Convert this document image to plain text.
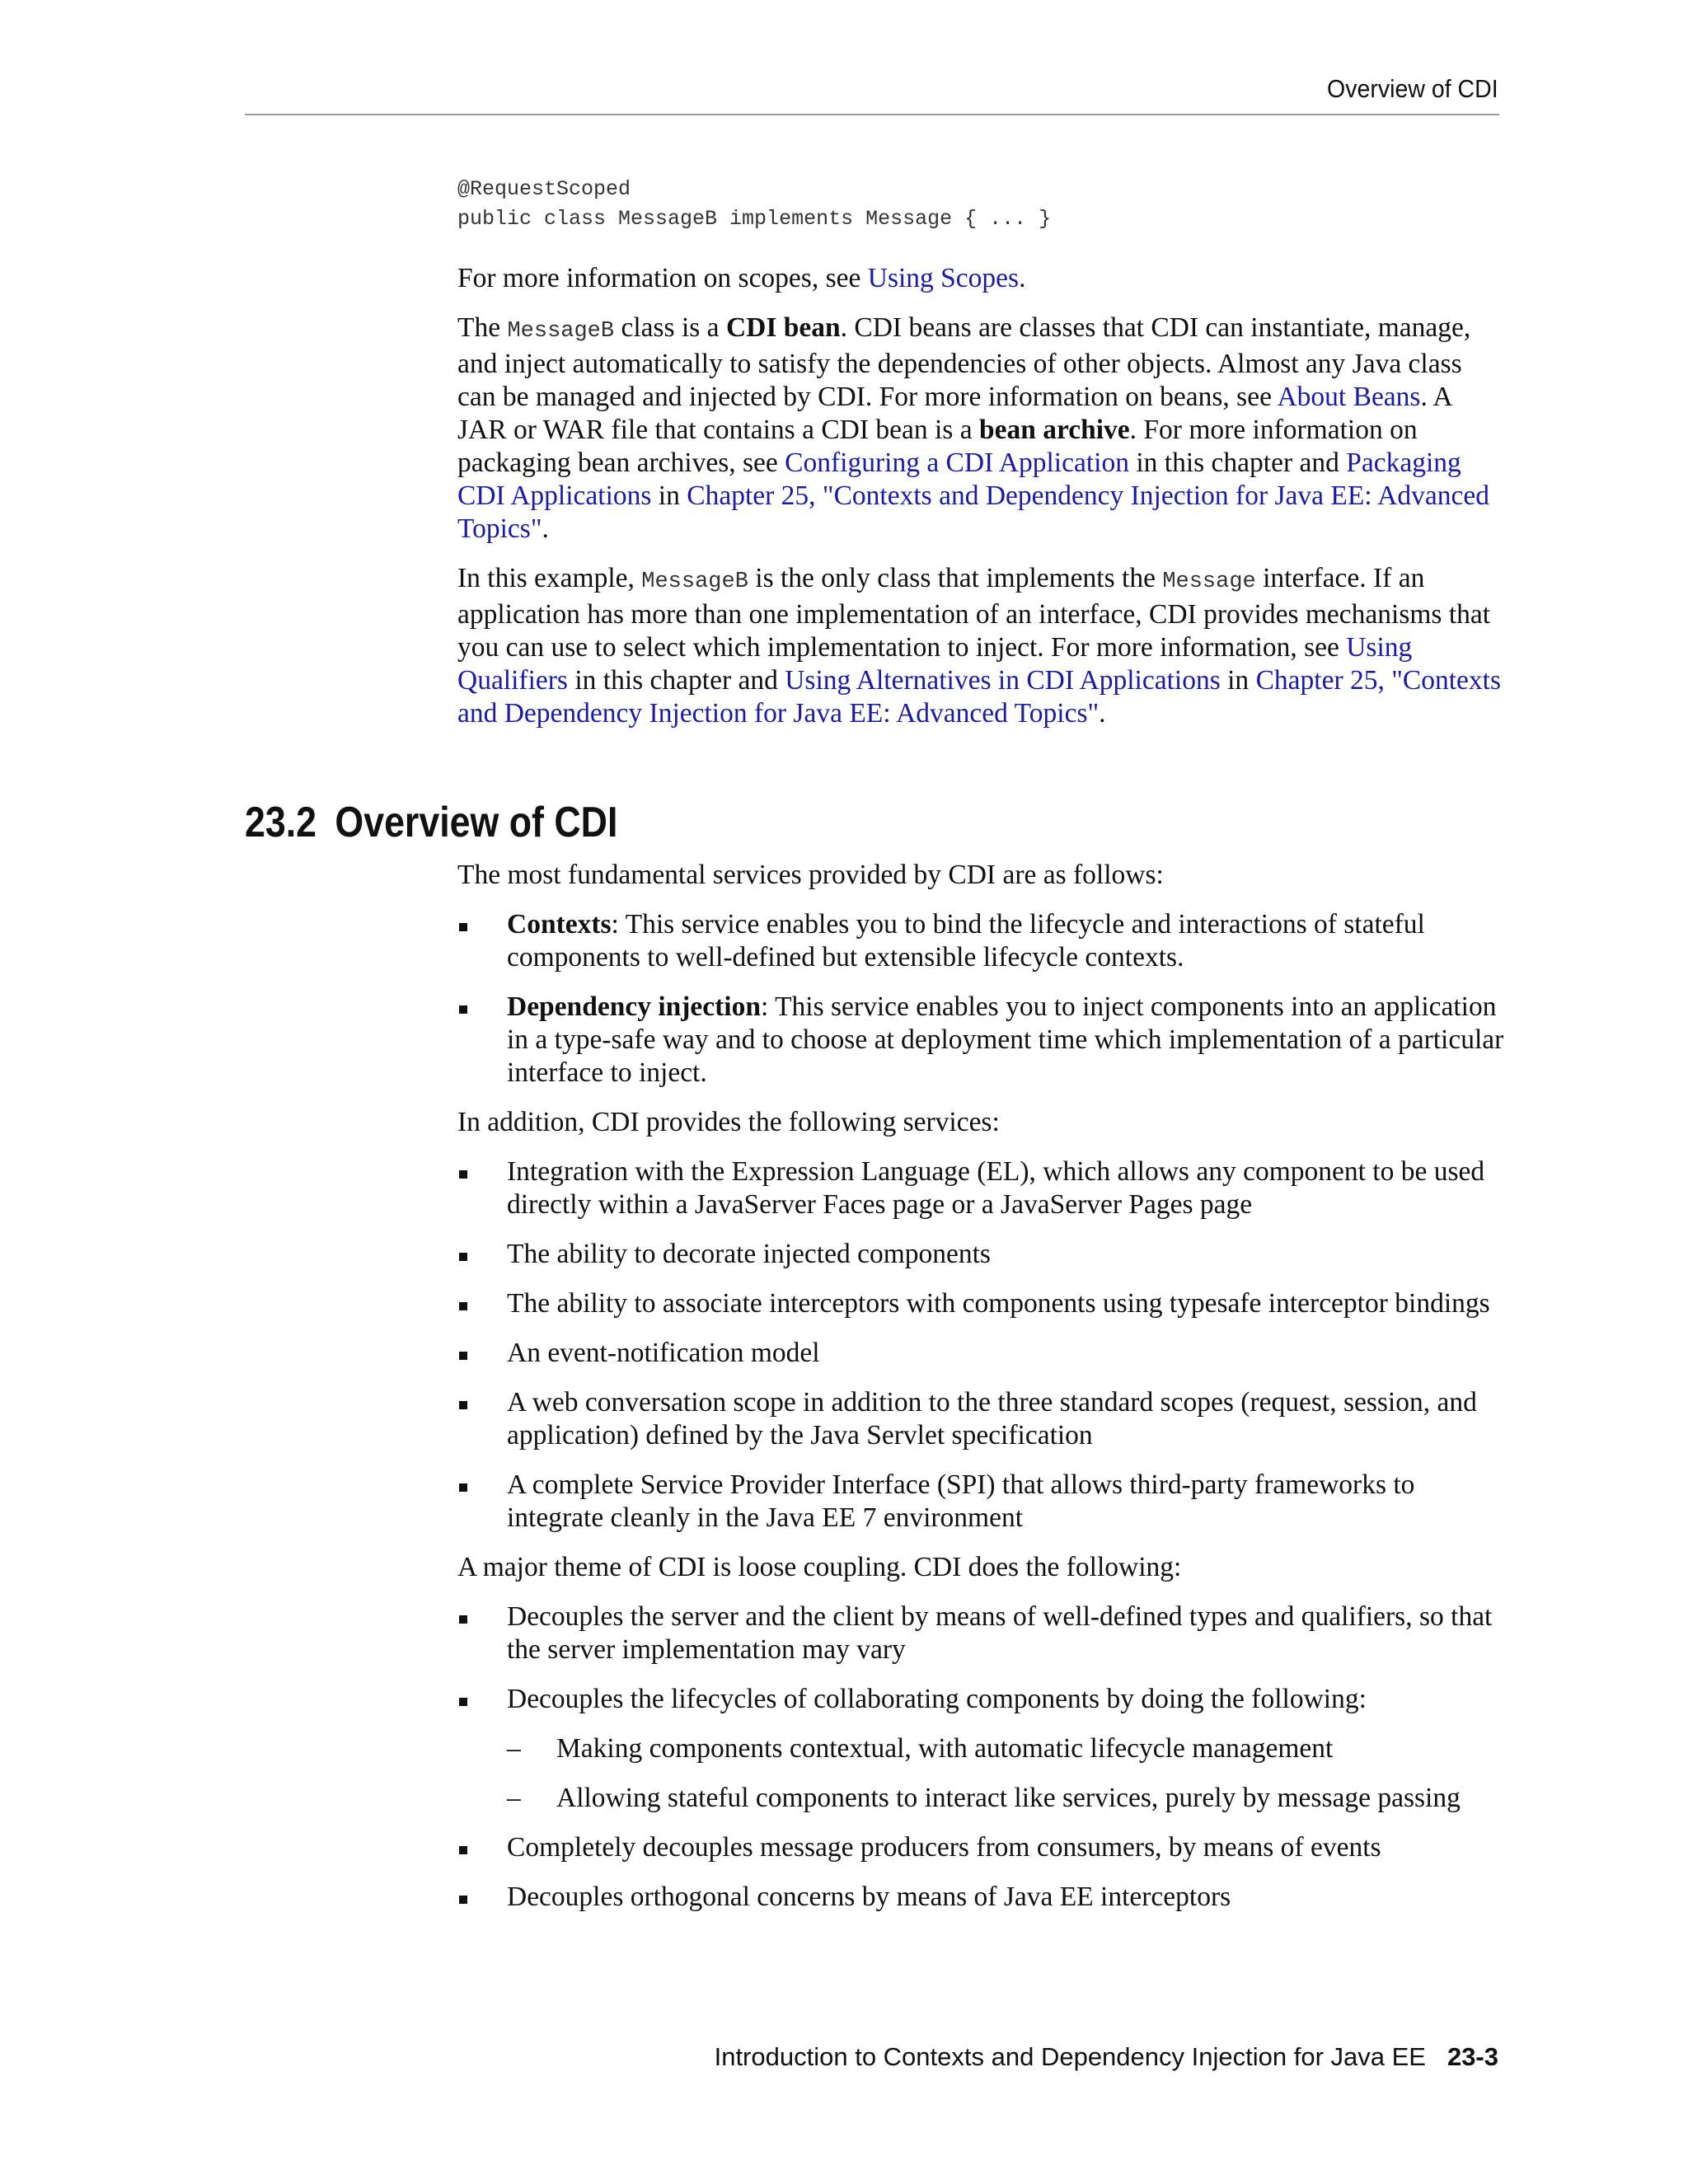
Overview of CDI
@RequestScoped
public class MessageB implements Message { ... }

For more information on scopes, see Using Scopes.

The MessageB class is a CDI bean. CDI beans are classes that CDI can instantiate, manage, and inject automatically to satisfy the dependencies of other objects. Almost any Java class can be managed and injected by CDI. For more information on beans, see About Beans. A JAR or WAR file that contains a CDI bean is a bean archive. For more information on packaging bean archives, see Configuring a CDI Application in this chapter and Packaging CDI Applications in Chapter 25, "Contexts and Dependency Injection for Java EE: Advanced Topics".

In this example, MessageB is the only class that implements the Message interface. If an application has more than one implementation of an interface, CDI provides mechanisms that you can use to select which implementation to inject. For more information, see Using Qualifiers in this chapter and Using Alternatives in CDI Applications in Chapter 25, "Contexts and Dependency Injection for Java EE: Advanced Topics".

23.2 Overview of CDI

The most fundamental services provided by CDI are as follows:

Contexts: This service enables you to bind the lifecycle and interactions of stateful components to well-defined but extensible lifecycle contexts.
Dependency injection: This service enables you to inject components into an application in a type-safe way and to choose at deployment time which implementation of a particular interface to inject.

In addition, CDI provides the following services:

Integration with the Expression Language (EL), which allows any component to be used directly within a JavaServer Faces page or a JavaServer Pages page
The ability to decorate injected components
The ability to associate interceptors with components using typesafe interceptor bindings
An event-notification model
A web conversation scope in addition to the three standard scopes (request, session, and application) defined by the Java Servlet specification
A complete Service Provider Interface (SPI) that allows third-party frameworks to integrate cleanly in the Java EE 7 environment

A major theme of CDI is loose coupling. CDI does the following:

Decouples the server and the client by means of well-defined types and qualifiers, so that the server implementation may vary
Decouples the lifecycles of collaborating components by doing the following:
– Making components contextual, with automatic lifecycle management
– Allowing stateful components to interact like services, purely by message passing
Completely decouples message producers from consumers, by means of events
Decouples orthogonal concerns by means of Java EE interceptors
Introduction to Contexts and Dependency Injection for Java EE 23-3
